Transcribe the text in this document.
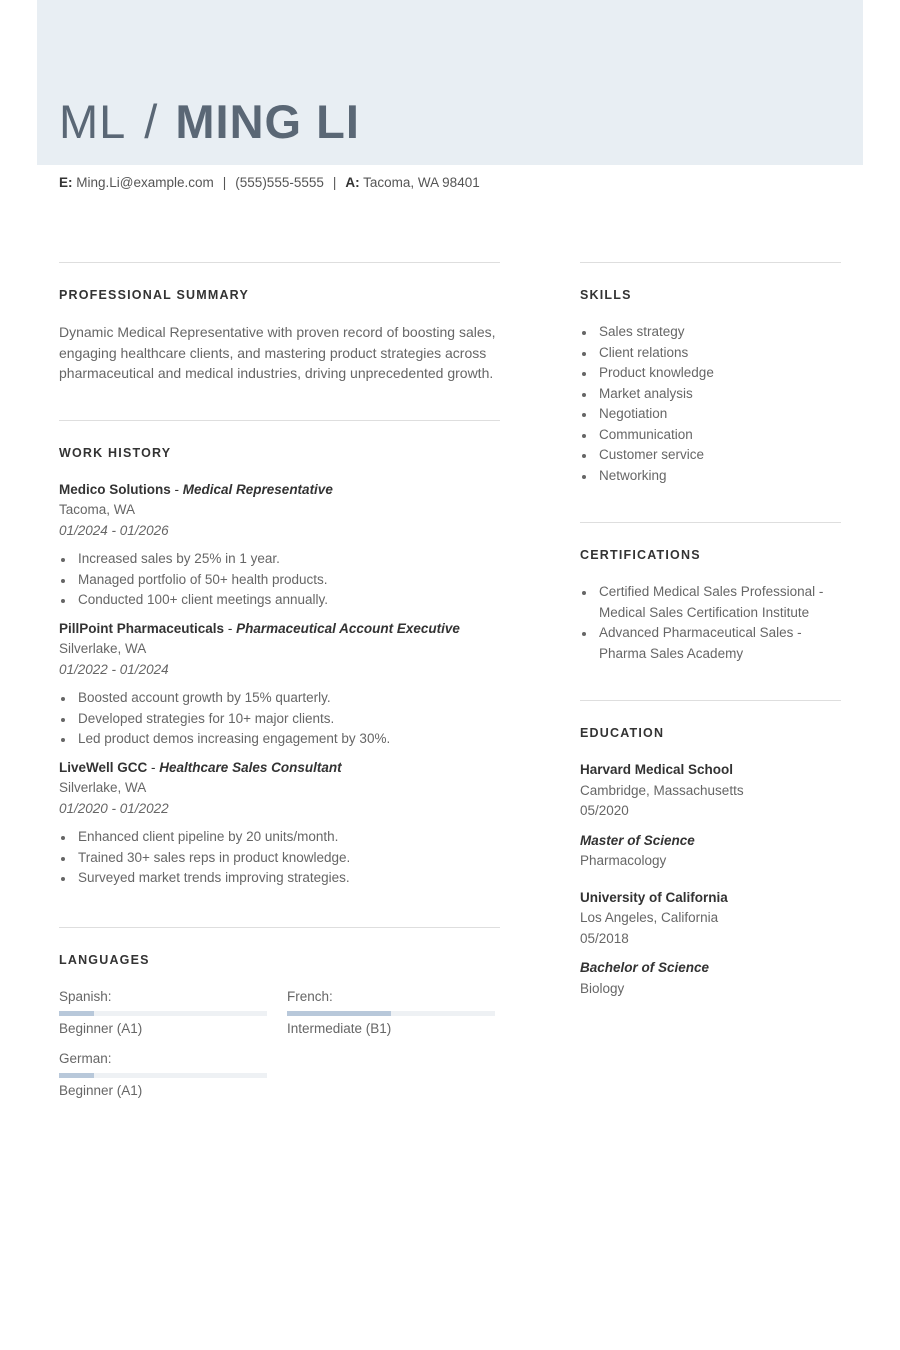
ML / MING LI
E: Ming.Li@example.com | (555)555-5555 | A: Tacoma, WA 98401
PROFESSIONAL SUMMARY

Dynamic Medical Representative with proven record of boosting sales, engaging healthcare clients, and mastering product strategies across pharmaceutical and medical industries, driving unprecedented growth.

WORK HISTORY
Medico Solutions - Medical Representative
Tacoma, WA
01/2024 - 01/2026
Increased sales by 25% in 1 year.
Managed portfolio of 50+ health products.
Conducted 100+ client meetings annually.
PillPoint Pharmaceuticals - Pharmaceutical Account Executive
Silverlake, WA
01/2022 - 01/2024
Boosted account growth by 15% quarterly.
Developed strategies for 10+ major clients.
Led product demos increasing engagement by 30%.
LiveWell GCC - Healthcare Sales Consultant
Silverlake, WA
01/2020 - 01/2022
Enhanced client pipeline by 20 units/month.
Trained 30+ sales reps in product knowledge.
Surveyed market trends improving strategies.
LANGUAGES
Spanish:
Beginner (A1)
French:
Intermediate (B1)
German:
Beginner (A1)
SKILLS
Sales strategy
Client relations
Product knowledge
Market analysis
Negotiation
Communication
Customer service
Networking
CERTIFICATIONS
Certified Medical Sales Professional - Medical Sales Certification Institute
Advanced Pharmaceutical Sales - Pharma Sales Academy
EDUCATION
Harvard Medical School
Cambridge, Massachusetts
05/2020
Master of Science
Pharmacology
University of California
Los Angeles, California
05/2018
Bachelor of Science
Biology
